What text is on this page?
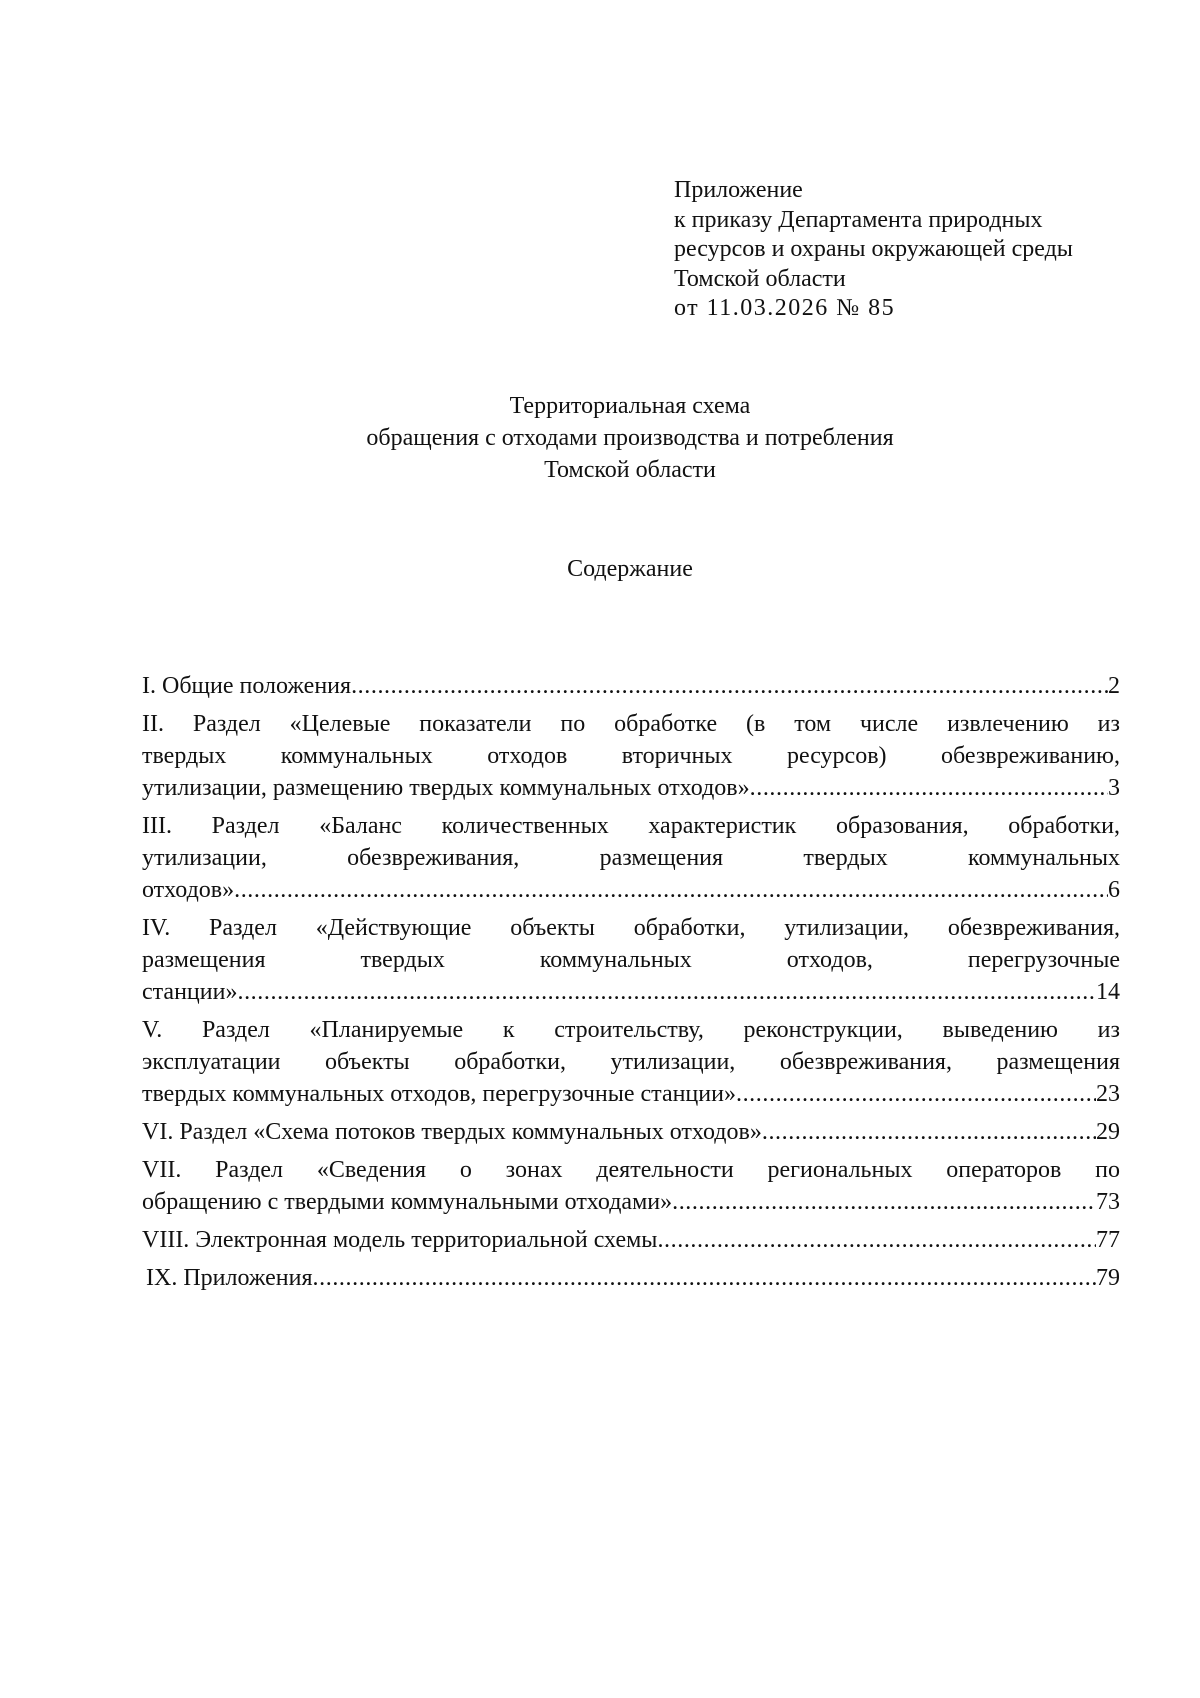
Приложение
к приказу Департамента природных
ресурсов и охраны окружающей среды
Томской области
от 11.03.2026 № 85
Территориальная схема
обращения с отходами производства и потребления
Томской области
Содержание
I. Общие положения .....	2
II. Раздел «Целевые показатели по обработке (в том числе извлечению из
твердых коммунальных отходов вторичных ресурсов) обезвреживанию,
утилизации, размещению твердых коммунальных отходов» .....	3
III. Раздел «Баланс количественных характеристик образования, обработки,
утилизации, обезвреживания, размещения твердых коммунальных
отходов» .....	6
IV. Раздел «Действующие объекты обработки, утилизации, обезвреживания,
размещения твердых коммунальных отходов, перегрузочные
станции» .....	14
V. Раздел «Планируемые к строительству, реконструкции, выведению из
эксплуатации объекты обработки, утилизации, обезвреживания, размещения
твердых коммунальных отходов, перегрузочные станции» .....	23
VI. Раздел «Схема потоков твердых коммунальных отходов» .....	29
VII. Раздел «Сведения о зонах деятельности региональных операторов по
обращению с твердыми коммунальными отходами» .....	73
VIII. Электронная модель территориальной схемы .....	77
IX. Приложения .....	79
